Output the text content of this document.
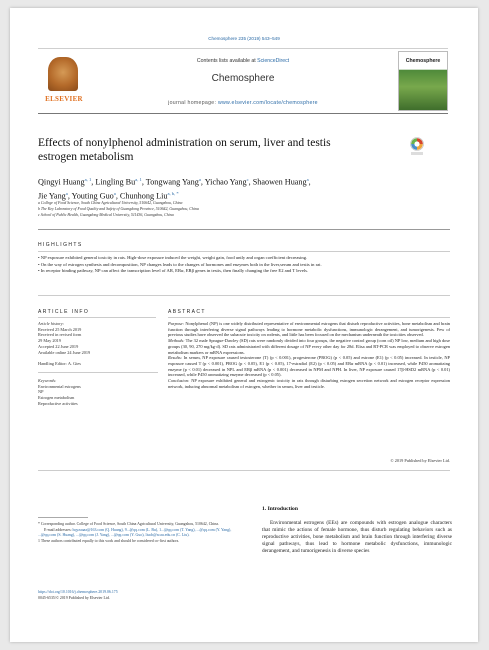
Chemosphere 235 (2019) 543–549
ELSEVIER
Contents lists available at ScienceDirect
Chemosphere
journal homepage: www.elsevier.com/locate/chemosphere
Chemosphere
Effects of nonylphenol administration on serum, liver and testis
estrogen metabolism
Qingyi Huang$^{a, 1}$, Lingling Bu$^{a, 1}$, Tongwang Yang$^a$, Yichao Yang$^c$, Shaowen Huang$^a$,
Jie Yang$^a$, Youting Guo$^a$, Chunhong Liu$^{a, b, *}$
a College of Food Science, South China Agricultural University, 510642, Guangzhou, China
b The Key Laboratory of Food Quality and Safety of Guangdong Province, 510642, Guangzhou, China
c School of Public Health, Guangdong Medical University, 511436, Guangzhou, China
HIGHLIGHTS
• NP exposure exhibited general toxicity in rats. High-dose exposure induced the weight, weight gain, food untly and organ coefficient decreasing.
• On the way of estrogen synthesis and decomposition, NP changes leads to the changes of hormones and enzymes both in the liver,serum and testis in rat.
• In receptor binding pathway, NP can affect the transcription level of AR, ERα, ERβ genes in testis, then finally changing the free E2 and T levels.
ARTICLE INFO	ABSTRACT
Article history:
Received 25 March 2019
Received in revised form
29 May 2019
Accepted 22 June 2019
Available online 24 June 2019
Handling Editor: A. Gies
Keywords:
Environmental estrogens
NP
Estrogen metabolism
Reproductive activities
Purpose: Nonylphenol (NP) is one widely distributed representative of environmental estrogens that disturb reproductive activities, bone metabolism and brain function through interfering diverse signal pathways leading to hormone metabolic dysfunctions, immunologic derangement, and tumorigenesis. Few of previous studies have observed the subacute toxicity on rodents, and little has been focused on the mechanism underneath the toxicities observed.
Methods: The 32 male Sprague-Dawley (SD) rats were randomly divided into four groups, the negative control group (corn oil) NP low, medium and high dose groups (30, 90, 270 mg/kg·d). SD rats administrated with different dosage of NP every other day for 28d. Elisa and RT-PCR was employed to observe estrogen metabolism markers or mRNA expressions.
Results: In serum, NP exposure caused testosterone (T) (p < 0.001), progesterone (PROG) (p < 0.05) and estrone (E1) (p < 0.05) increased. In testicle, NP exposure caused T (p < 0.001), PROG (p < 0.05), E1 (p < 0.05), 17-estradiol (E2) (p < 0.05) and ERα mRNA (p < 0.01) increased, while P450 aromatizing enzyme (p < 0.01) decreased in NPL and ERβ mRNA (p < 0.001) decreased in NPM and NPH. In liver, NP exposure caused 17β-HSD2 mRNA (p < 0.01) increased, while P450 aromatizing enzyme decreased (p < 0.05).
Conclusion: NP exposure exhibited general and estrogenic toxicity in rats through disturbing estrogen secretion network and estrogen receptor expression network, inducing abnormal metabolism of estrogen, whether in serum, liver and testicle.
© 2019 Published by Elsevier Ltd.
1. Introduction
Environmental estrogens (EEs) are compounds with estrogen analogue characters that mimic the actions of female hormone, thus disturb regulating behaviors such as reproductive activities, bone metabolism and brain function through interfering diverse signal pathways, thus lead to hormone metabolic dysfunctions, immunologic derangement, and tumorigenesis in diverse species
* Corresponding author. College of Food Science, South China Agricultural University, Guangzhou, 510642, China.
E-mail addresses: hqyzaaaa@163.com (Q. Huang), 9...@qq.com (L. Bu), 1...@qq.com (T. Yang), ...@qq.com (Y. Yang), ...@qq.com (S. Huang), ...@qq.com (J. Yang), ...@qq.com (Y. Guo), liuch@scau.edu.cn (C. Liu).
1 These authors contributed equally to this work and should be considered co-first authors.
https://doi.org/10.1016/j.chemosphere.2019.06.175
0045-6535/© 2019 Published by Elsevier Ltd.
